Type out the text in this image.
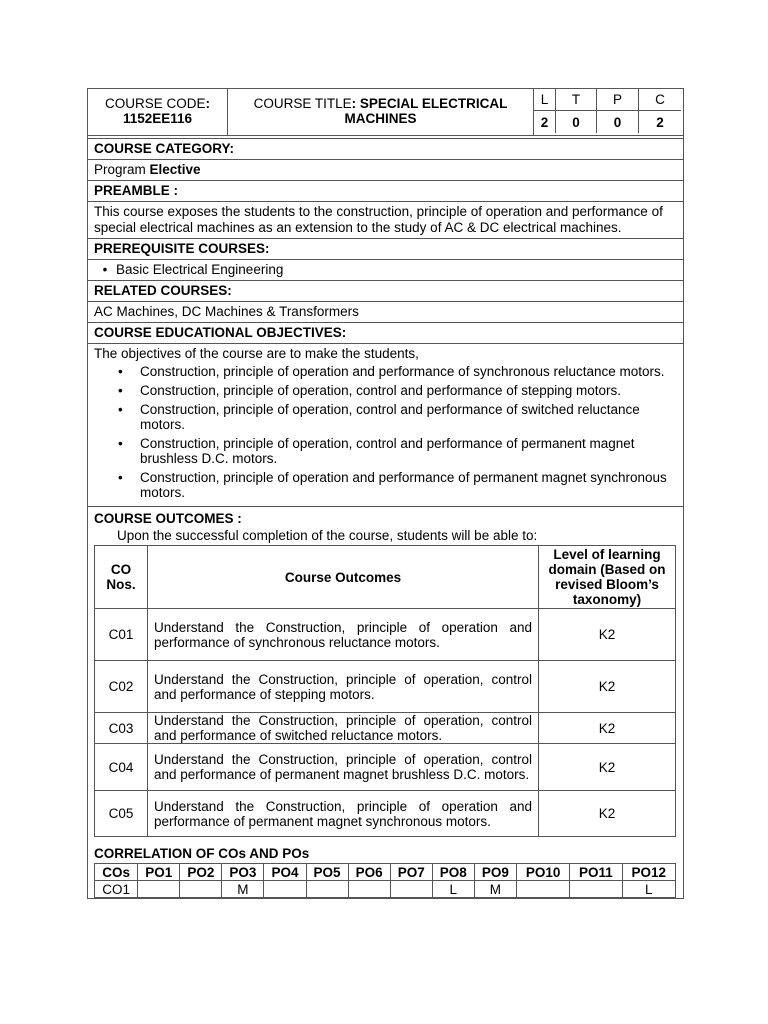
COURSE CODE:
1152EE116
COURSE TITLE: SPECIAL ELECTRICAL
MACHINES
L	T	P	C
2	0	0	2
COURSE CATEGORY:
Program Elective
PREAMBLE :
This course exposes the students to the construction, principle of operation and performance of special electrical machines as an extension to the study of AC & DC electrical machines.
PREREQUISITE COURSES:
• Basic Electrical Engineering
RELATED COURSES:
AC Machines, DC Machines & Transformers
COURSE EDUCATIONAL OBJECTIVES:
The objectives of the course are to make the students,
• Construction, principle of operation and performance of synchronous reluctance motors.
• Construction, principle of operation, control and performance of stepping motors.
• Construction, principle of operation, control and performance of switched reluctance motors.
• Construction, principle of operation, control and performance of permanent magnet brushless D.C. motors.
• Construction, principle of operation and performance of permanent magnet synchronous motors.
COURSE OUTCOMES :
Upon the successful completion of the course, students will be able to:
CO Nos.	Course Outcomes	Level of learning domain (Based on revised Bloom’s taxonomy)
C01	Understand the Construction, principle of operation and performance of synchronous reluctance motors.	K2
C02	Understand the Construction, principle of operation, control and performance of stepping motors.	K2
C03	Understand the Construction, principle of operation, control and performance of switched reluctance motors.	K2
C04	Understand the Construction, principle of operation, control and performance of permanent magnet brushless D.C. motors.	K2
C05	Understand the Construction, principle of operation and performance of permanent magnet synchronous motors.	K2
CORRELATION OF COs AND POs
COs	PO1	PO2	PO3	PO4	PO5	PO6	PO7	PO8	PO9	PO10	PO11	PO12
CO1			M					L	M			L
